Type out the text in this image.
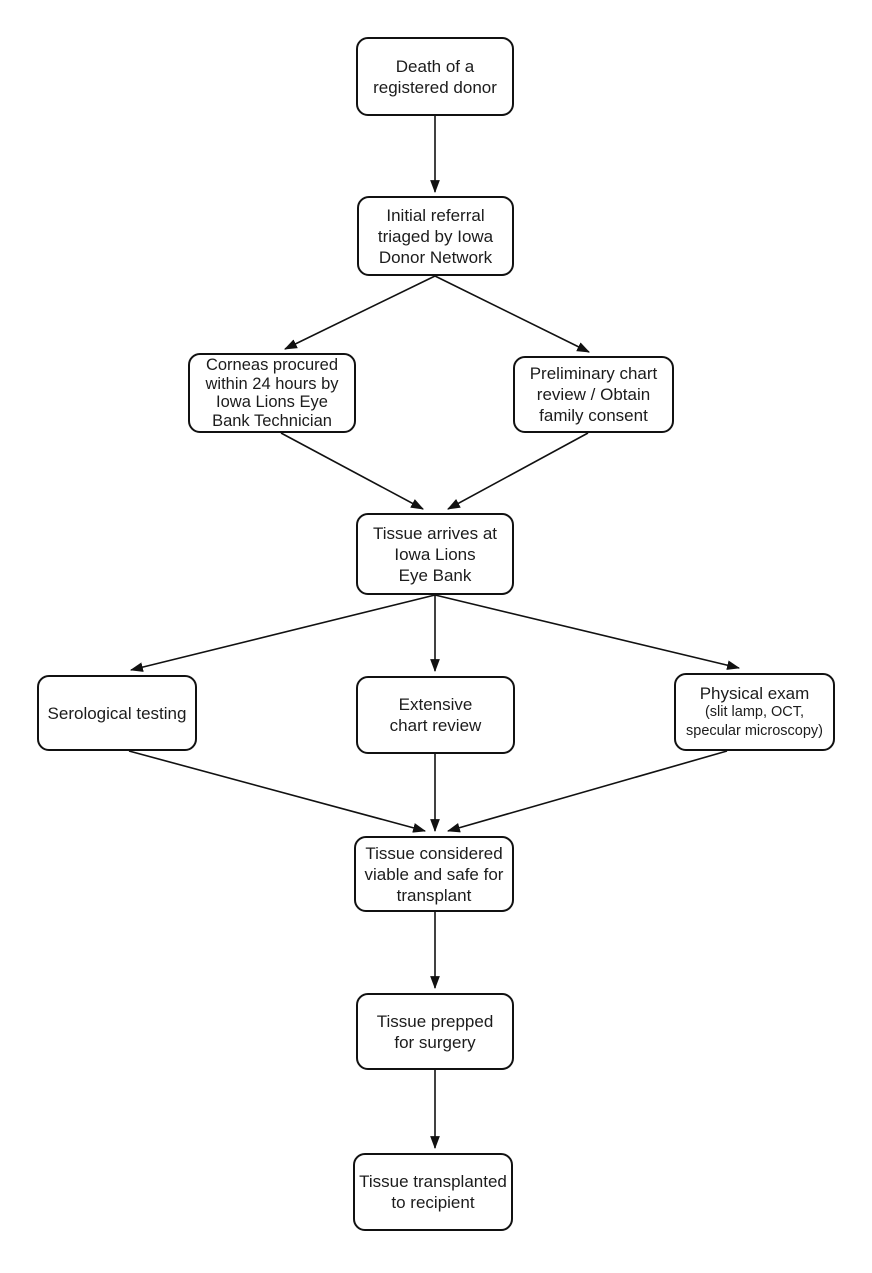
Death of a
registered donor
Initial referral
triaged by Iowa
Donor Network
Corneas procured
within 24 hours by
Iowa Lions Eye
Bank Technician
Preliminary chart
review / Obtain
family consent
Tissue arrives at
Iowa Lions
Eye Bank
Serological testing	Extensive
chart review
Physical exam
(slit lamp, OCT,
specular microscopy)
Tissue considered
viable and safe for
transplant
Tissue prepped
for surgery
Tissue transplanted
to recipient
